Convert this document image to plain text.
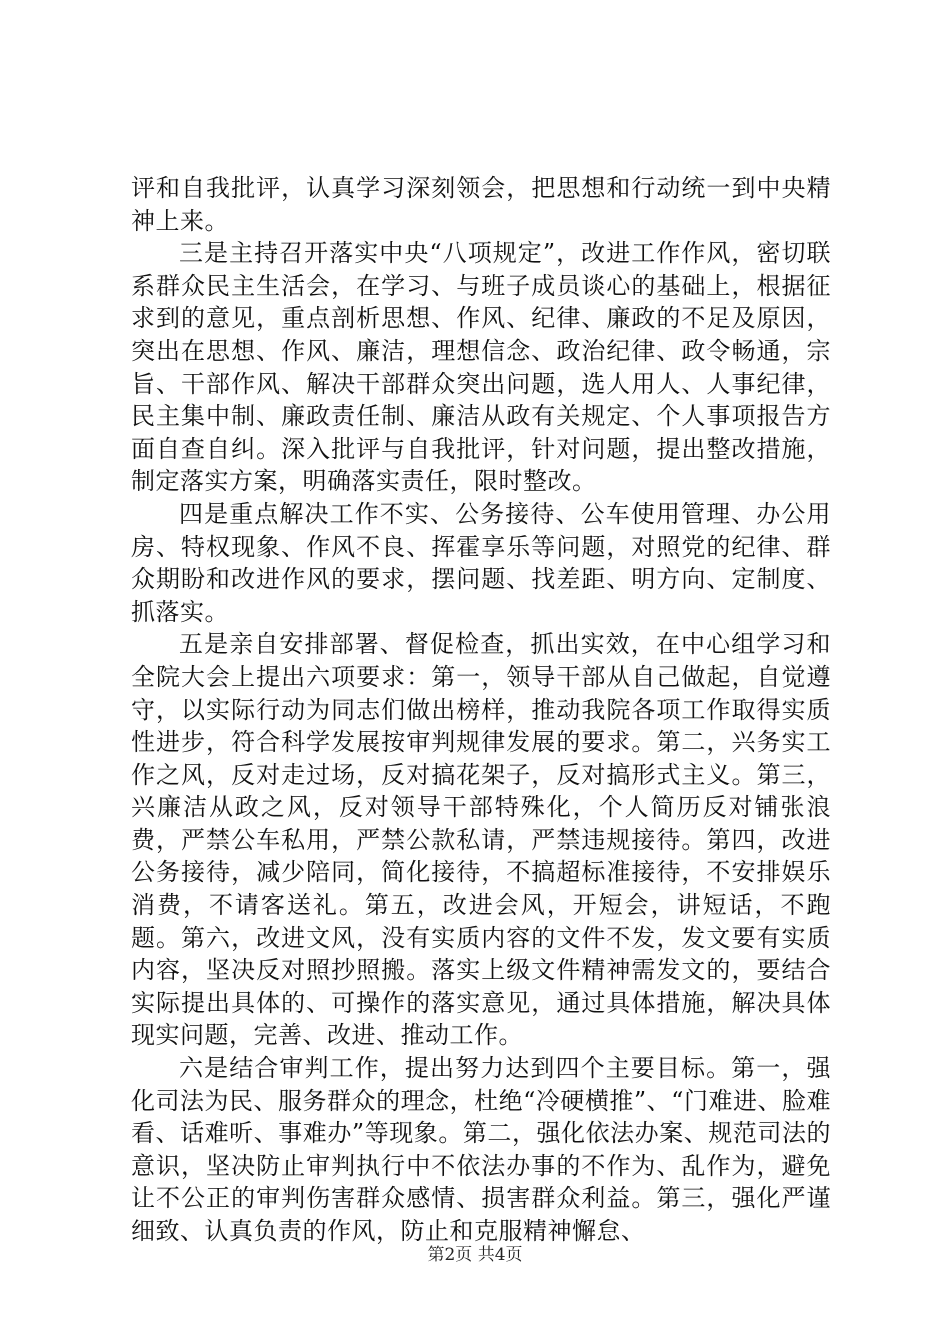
评和自我批评，认真学习深刻领会，把思想和行动统一到中央精神上来。

三是主持召开落实中央“八项规定”，改进工作作风，密切联系群众民主生活会，在学习、与班子成员谈心的基础上，根据征求到的意见，重点剖析思想、作风、纪律、廉政的不足及原因，突出在思想、作风、廉洁，理想信念、政治纪律、政令畅通，宗旨、干部作风、解决干部群众突出问题，选人用人、人事纪律，民主集中制、廉政责任制、廉洁从政有关规定、个人事项报告方面自查自纠。深入批评与自我批评，针对问题，提出整改措施，制定落实方案，明确落实责任，限时整改。

四是重点解决工作不实、公务接待、公车使用管理、办公用房、特权现象、作风不良、挥霍享乐等问题，对照党的纪律、群众期盼和改进作风的要求，摆问题、找差距、明方向、定制度、抓落实。

五是亲自安排部署、督促检查，抓出实效，在中心组学习和全院大会上提出六项要求：第一，领导干部从自己做起，自觉遵守，以实际行动为同志们做出榜样，推动我院各项工作取得实质性进步，符合科学发展按审判规律发展的要求。第二，兴务实工作之风，反对走过场，反对搞花架子，反对搞形式主义。第三，兴廉洁从政之风，反对领导干部特殊化，个人简历反对铺张浪费，严禁公车私用，严禁公款私请，严禁违规接待。第四，改进公务接待，减少陪同，简化接待，不搞超标准接待，不安排娱乐消费，不请客送礼。第五，改进会风，开短会，讲短话，不跑题。第六，改进文风，没有实质内容的文件不发，发文要有实质内容，坚决反对照抄照搬。落实上级文件精神需发文的，要结合实际提出具体的、可操作的落实意见，通过具体措施，解决具体现实问题，完善、改进、推动工作。

六是结合审判工作，提出努力达到四个主要目标。第一，强化司法为民、服务群众的理念，杜绝“冷硬横推”、“门难进、脸难看、话难听、事难办”等现象。第二，强化依法办案、规范司法的意识，坚决防止审判执行中不依法办事的不作为、乱作为，避免让不公正的审判伤害群众感情、损害群众利益。第三，强化严谨细致、认真负责的作风，防止和克服精神懈怠、

第2页 共4页
